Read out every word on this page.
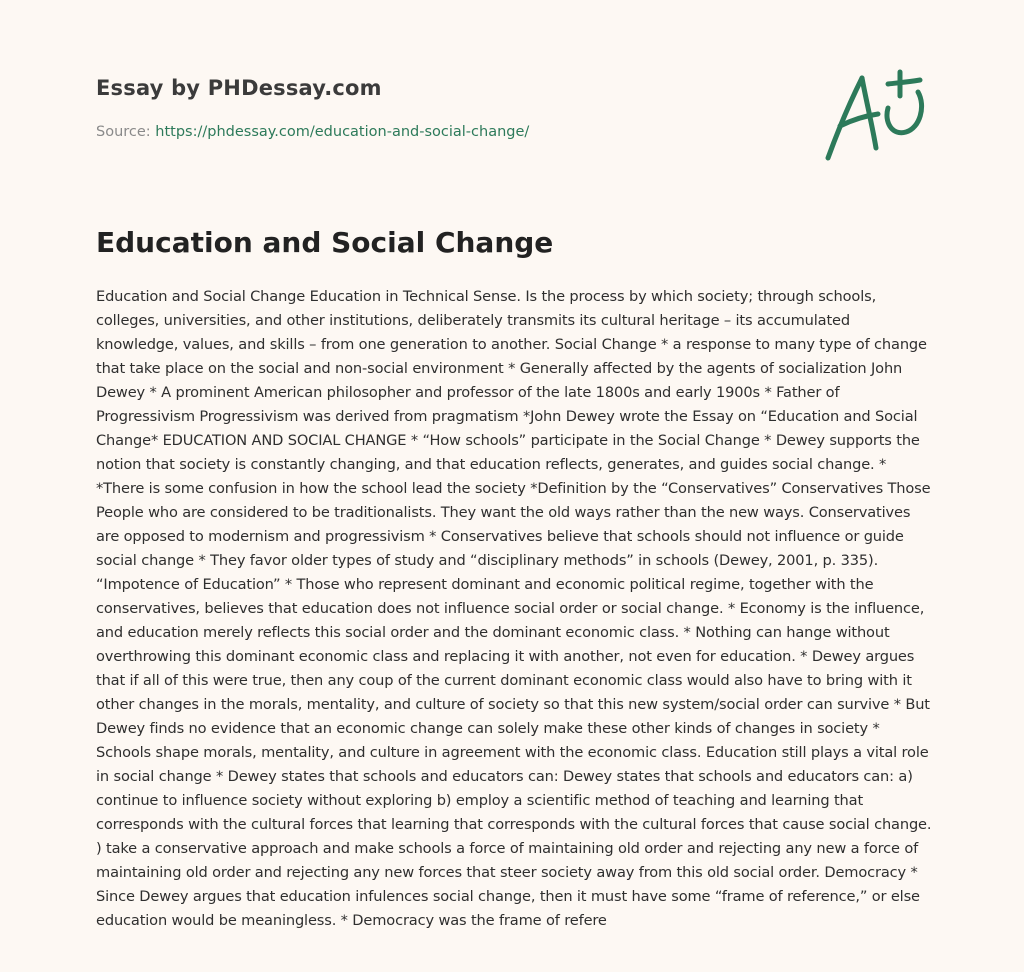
Essay by PHDessay.com
Source: https://phdessay.com/education-and-social-change/
Education and Social Change

Education and Social Change Education in Technical Sense. Is the process by which society; through schools, colleges, universities, and other institutions, deliberately transmits its cultural heritage – its accumulated knowledge, values, and skills – from one generation to another. Social Change * a response to many type of change that take place on the social and non-social environment * Generally affected by the agents of socialization John Dewey * A prominent American philosopher and professor of the late 1800s and early 1900s * Father of Progressivism Progressivism was derived from pragmatism *John Dewey wrote the Essay on “Education and Social Change* EDUCATION AND SOCIAL CHANGE * “How schools” participate in the Social Change * Dewey supports the notion that society is constantly changing, and that education reflects, generates, and guides social change. * *There is some confusion in how the school lead the society *Definition by the “Conservatives” Conservatives Those People who are considered to be traditionalists. They want the old ways rather than the new ways. Conservatives are opposed to modernism and progressivism * Conservatives believe that schools should not influence or guide social change * They favor older types of study and “disciplinary methods” in schools (Dewey, 2001, p. 335). “Impotence of Education” * Those who represent dominant and economic political regime, together with the conservatives, believes that education does not influence social order or social change. * Economy is the influence, and education merely reflects this social order and the dominant economic class. * Nothing can hange without overthrowing this dominant economic class and replacing it with another, not even for education. * Dewey argues that if all of this were true, then any coup of the current dominant economic class would also have to bring with it other changes in the morals, mentality, and culture of society so that this new system/social order can survive * But Dewey finds no evidence that an economic change can solely make these other kinds of changes in society * Schools shape morals, mentality, and culture in agreement with the economic class. Education still plays a vital role in social change * Dewey states that schools and educators can: Dewey states that schools and educators can: a) continue to influence society without exploring b) employ a scientific method of teaching and learning that corresponds with the cultural forces that learning that corresponds with the cultural forces that cause social change. ) take a conservative approach and make schools a force of maintaining old order and rejecting any new a force of maintaining old order and rejecting any new forces that steer society away from this old social order. Democracy * Since Dewey argues that education infulences social change, then it must have some “frame of reference,” or else education would be meaningless. * Democracy was the frame of refere
